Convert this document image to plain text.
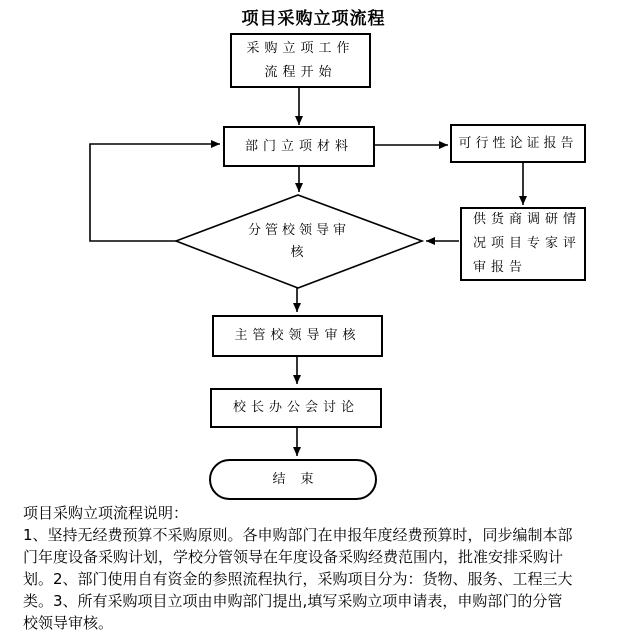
项目采购立项流程
采购立项工作
流程开始
部门立项材料	可行性论证报告
供货商调研情
况项目专家评
审报告
分管校领导审
核
主管校领导审核
校长办公会讨论
结束
项目采购立项流程说明：
1、坚持无经费预算不采购原则。各申购部门在申报年度经费预算时，同步编制本部
门年度设备采购计划，学校分管领导在年度设备采购经费范围内，批准安排采购计
划。2、部门使用自有资金的参照流程执行，采购项目分为：货物、服务、工程三大
类。3、所有采购项目立项由申购部门提出,填写采购立项申请表，申购部门的分管
校领导审核。
